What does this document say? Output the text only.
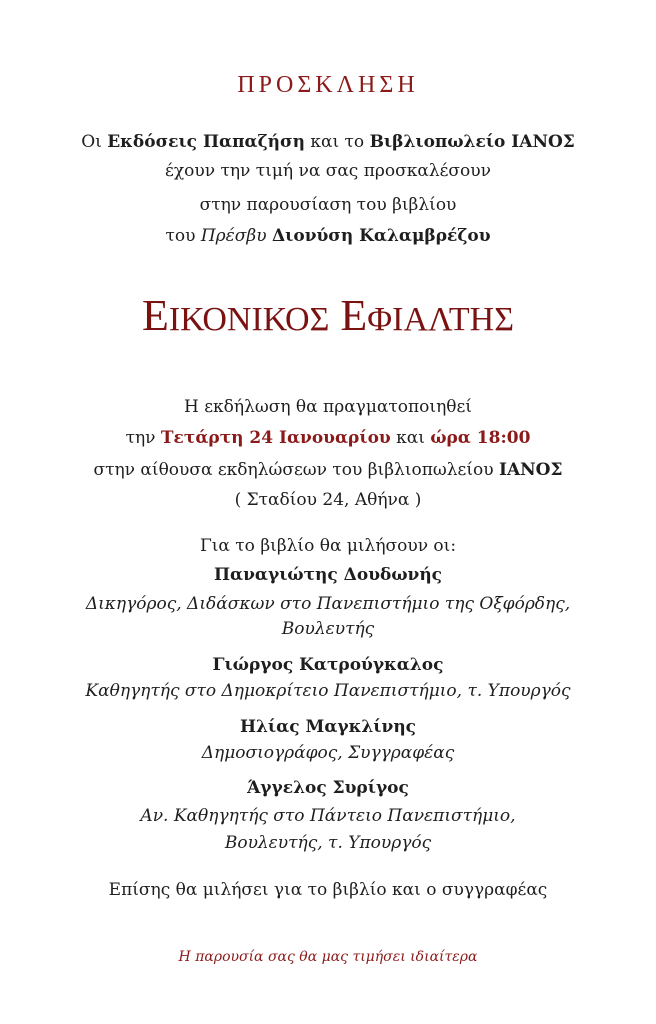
ΠΡΟΣΚΛΗΣΗ
Οι Εκδόσεις Παπαζήση και το Βιβλιοπωλείο ΙΑΝΟΣ
έχουν την τιμή να σας προσκαλέσουν
στην παρουσίαση του βιβλίου
του Πρέσβυ Διονύση Καλαμβρέζου
ΕΙΚΟΝΙΚΟΣ ΕΦΙΑΛΤΗΣ
Η εκδήλωση θα πραγματοποιηθεί
την Τετάρτη 24 Ιανουαρίου και ώρα 18:00
στην αίθουσα εκδηλώσεων του βιβλιοπωλείου ΙΑΝΟΣ
( Σταδίου 24, Αθήνα )
Για το βιβλίο θα μιλήσουν οι:
Παναγιώτης Δουδωνής
Δικηγόρος, Διδάσκων στο Πανεπιστήμιο της Οξφόρδης,
Βουλευτής
Γιώργος Κατρούγκαλος
Καθηγητής στο Δημοκρίτειο Πανεπιστήμιο, τ. Υπουργός
Ηλίας Μαγκλίνης
Δημοσιογράφος, Συγγραφέας
Άγγελος Συρίγος
Αν. Καθηγητής στο Πάντειο Πανεπιστήμιο,
Βουλευτής, τ. Υπουργός
Επίσης θα μιλήσει για το βιβλίο και ο συγγραφέας
Η παρουσία σας θα μας τιμήσει ιδιαίτερα
